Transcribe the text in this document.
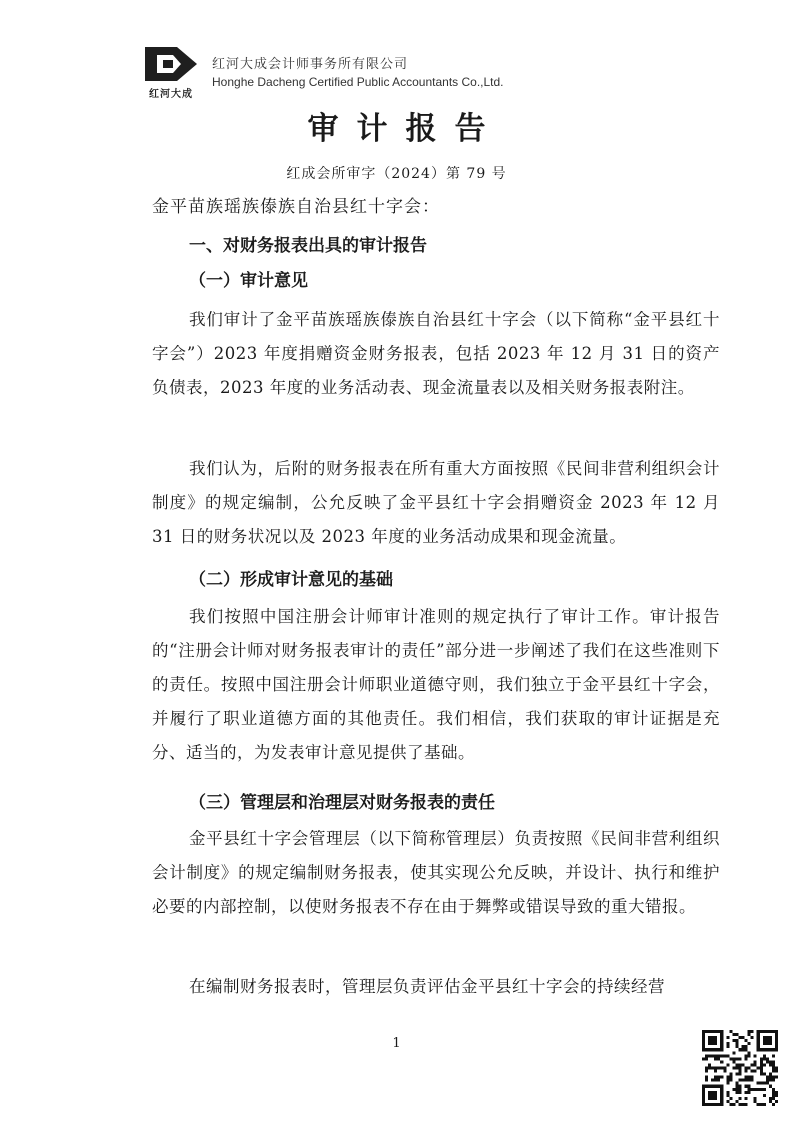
红河大成
红河大成会计师事务所有限公司
Honghe Dacheng Certified Public Accountants Co.,Ltd.
审计报告
红成会所审字（2024）第 79 号
金平苗族瑶族傣族自治县红十字会：
一、对财务报表出具的审计报告
（一）审计意见

我们审计了金平苗族瑶族傣族自治县红十字会（以下简称“金平县红十字会”）2023 年度捐赠资金财务报表，包括 2023 年 12 月 31 日的资产负债表，2023 年度的业务活动表、现金流量表以及相关财务报表附注。

我们认为，后附的财务报表在所有重大方面按照《民间非营利组织会计制度》的规定编制，公允反映了金平县红十字会捐赠资金 2023 年 12 月 31 日的财务状况以及 2023 年度的业务活动成果和现金流量。

（二）形成审计意见的基础

我们按照中国注册会计师审计准则的规定执行了审计工作。审计报告的“注册会计师对财务报表审计的责任”部分进一步阐述了我们在这些准则下的责任。按照中国注册会计师职业道德守则，我们独立于金平县红十字会，并履行了职业道德方面的其他责任。我们相信，我们获取的审计证据是充分、适当的，为发表审计意见提供了基础。

（三）管理层和治理层对财务报表的责任

金平县红十字会管理层（以下简称管理层）负责按照《民间非营利组织会计制度》的规定编制财务报表，使其实现公允反映，并设计、执行和维护必要的内部控制，以使财务报表不存在由于舞弊或错误导致的重大错报。

在编制财务报表时，管理层负责评估金平县红十字会的持续经营

1
